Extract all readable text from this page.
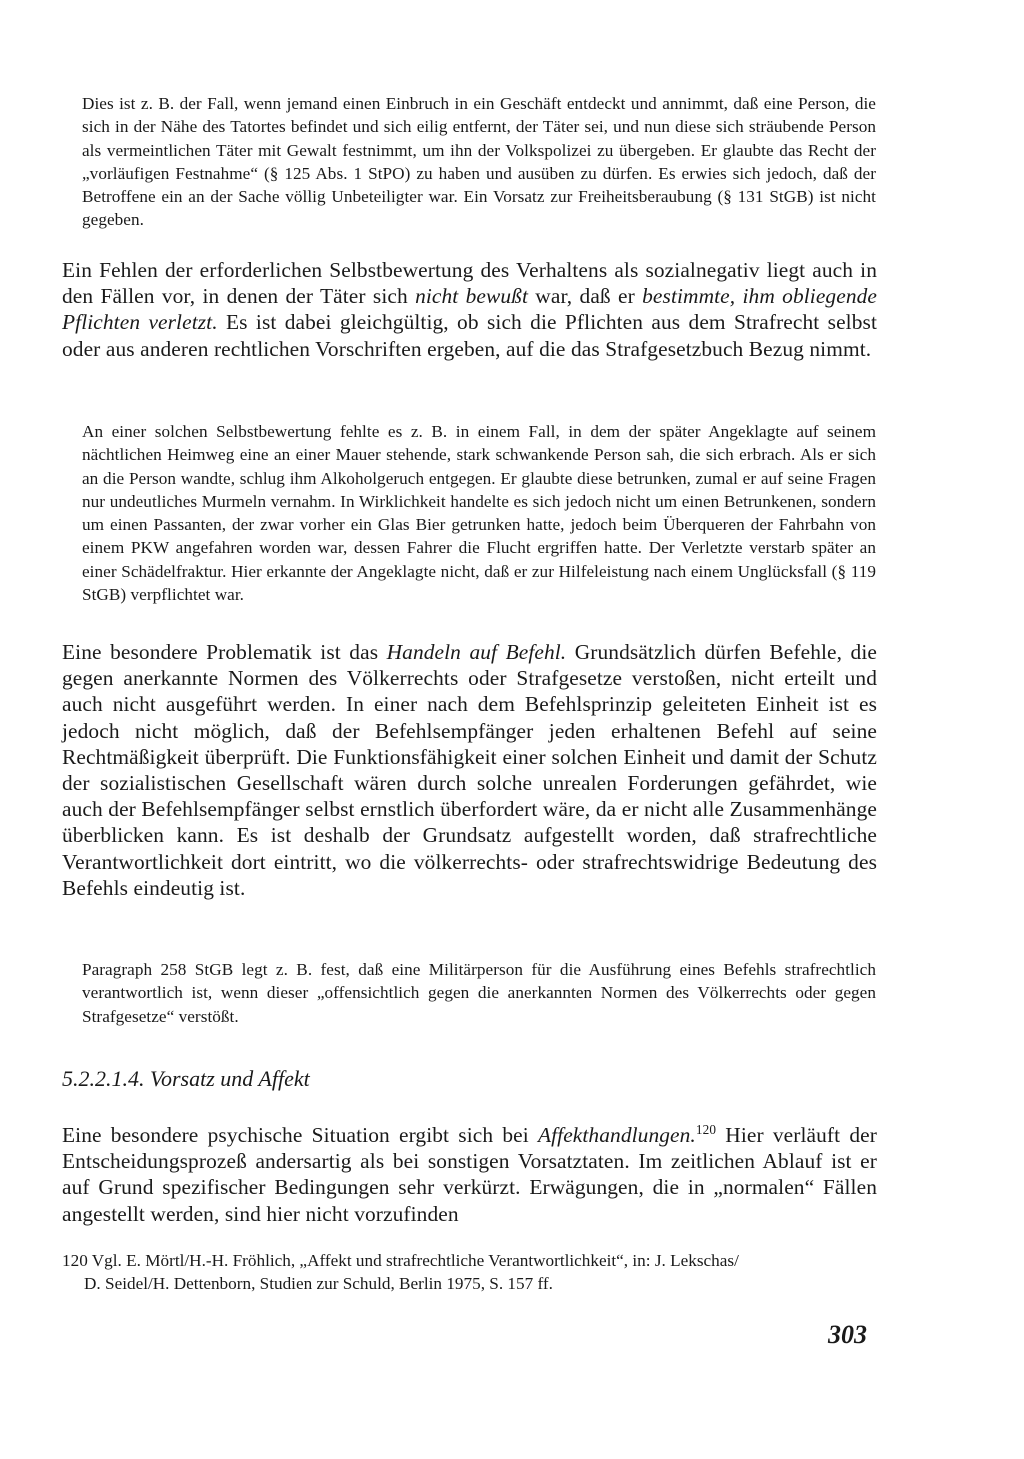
Dies ist z. B. der Fall, wenn jemand einen Einbruch in ein Geschäft entdeckt und annimmt, daß eine Person, die sich in der Nähe des Tatortes befindet und sich eilig entfernt, der Täter sei, und nun diese sich sträubende Person als vermeintlichen Täter mit Gewalt festnimmt, um ihn der Volkspolizei zu übergeben. Er glaubte das Recht der „vorläufigen Festnahme“ (§ 125 Abs. 1 StPO) zu haben und ausüben zu dürfen. Es erwies sich jedoch, daß der Betroffene ein an der Sache völlig Unbeteiligter war. Ein Vorsatz zur Freiheitsberaubung (§ 131 StGB) ist nicht gegeben.

Ein Fehlen der erforderlichen Selbstbewertung des Verhaltens als sozialnegativ liegt auch in den Fällen vor, in denen der Täter sich nicht bewußt war, daß er bestimmte, ihm obliegende Pflichten verletzt. Es ist dabei gleichgültig, ob sich die Pflichten aus dem Strafrecht selbst oder aus anderen rechtlichen Vorschriften ergeben, auf die das Strafgesetzbuch Bezug nimmt.

An einer solchen Selbstbewertung fehlte es z. B. in einem Fall, in dem der später Angeklagte auf seinem nächtlichen Heimweg eine an einer Mauer stehende, stark schwankende Person sah, die sich erbrach. Als er sich an die Person wandte, schlug ihm Alkoholgeruch entgegen. Er glaubte diese betrunken, zumal er auf seine Fragen nur undeutliches Murmeln vernahm. In Wirklichkeit handelte es sich jedoch nicht um einen Betrunkenen, sondern um einen Passanten, der zwar vorher ein Glas Bier getrunken hatte, jedoch beim Überqueren der Fahrbahn von einem PKW angefahren worden war, dessen Fahrer die Flucht ergriffen hatte. Der Verletzte verstarb später an einer Schädelfraktur. Hier erkannte der Angeklagte nicht, daß er zur Hilfeleistung nach einem Unglücksfall (§ 119 StGB) verpflichtet war.

Eine besondere Problematik ist das Handeln auf Befehl. Grundsätzlich dürfen Befehle, die gegen anerkannte Normen des Völkerrechts oder Strafgesetze verstoßen, nicht erteilt und auch nicht ausgeführt werden. In einer nach dem Befehlsprinzip geleiteten Einheit ist es jedoch nicht möglich, daß der Befehlsempfänger jeden erhaltenen Befehl auf seine Rechtmäßigkeit überprüft. Die Funktionsfähigkeit einer solchen Einheit und damit der Schutz der sozialistischen Gesellschaft wären durch solche unrealen Forderungen gefährdet, wie auch der Befehlsempfänger selbst ernstlich überfordert wäre, da er nicht alle Zusammenhänge überblicken kann. Es ist deshalb der Grundsatz aufgestellt worden, daß strafrechtliche Verantwortlichkeit dort eintritt, wo die völkerrechts- oder strafrechtswidrige Bedeutung des Befehls eindeutig ist.

Paragraph 258 StGB legt z. B. fest, daß eine Militärperson für die Ausführung eines Befehls strafrechtlich verantwortlich ist, wenn dieser „offensichtlich gegen die anerkannten Normen des Völkerrechts oder gegen Strafgesetze“ verstößt.

5.2.2.1.4. Vorsatz und Affekt

Eine besondere psychische Situation ergibt sich bei Affekthandlungen.$^{120}$ Hier verläuft der Entscheidungsprozeß andersartig als bei sonstigen Vorsatztaten. Im zeitlichen Ablauf ist er auf Grund spezifischer Bedingungen sehr verkürzt. Erwägungen, die in „normalen“ Fällen angestellt werden, sind hier nicht vorzufinden

120 Vgl. E. Mörtl/H.-H. Fröhlich, „Affekt und strafrechtliche Verantwortlichkeit“, in: J. Lekschas/
D. Seidel/H. Dettenborn, Studien zur Schuld, Berlin 1975, S. 157 ff.
303
